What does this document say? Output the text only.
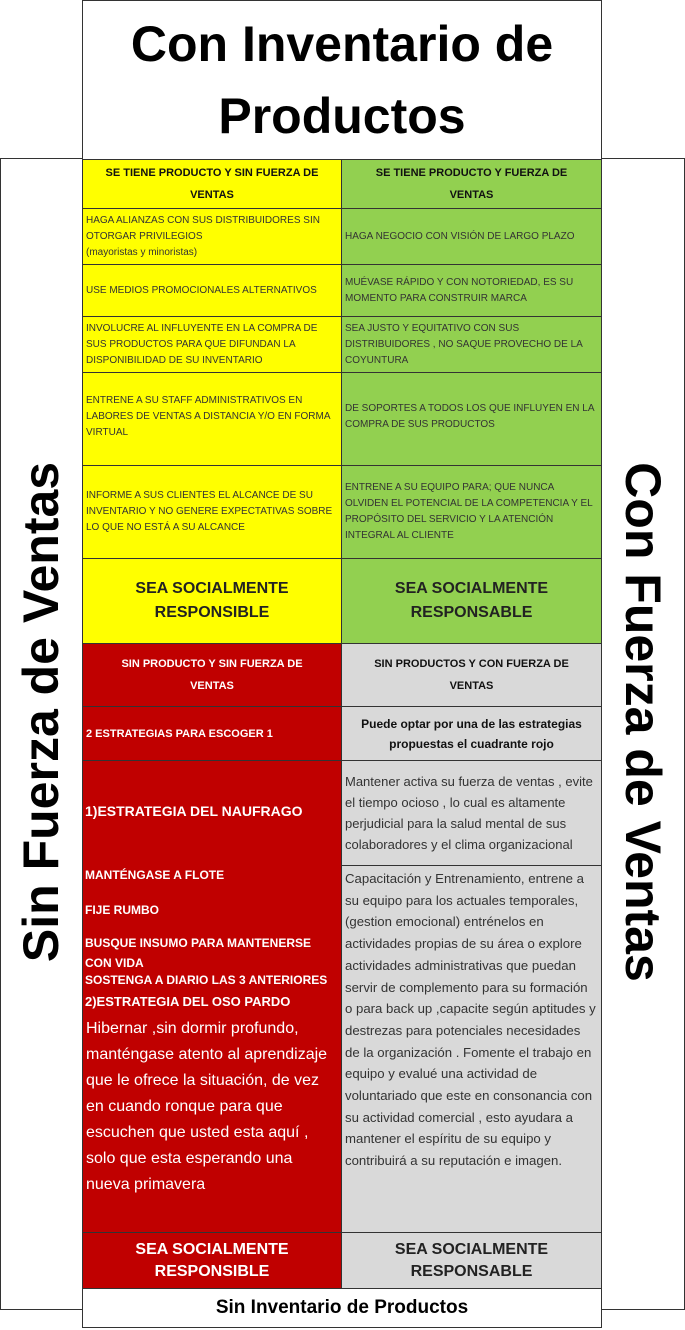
Con Inventario de Productos
Sin Fuerza de Ventas	Con Fuerza de Ventas
SE TIENE PRODUCTO Y SIN FUERZA DE VENTAS
HAGA ALIANZAS CON SUS DISTRIBUIDORES SIN OTORGAR PRIVILEGIOS
(mayoristas y minoristas)
USE MEDIOS PROMOCIONALES ALTERNATIVOS
INVOLUCRE AL INFLUYENTE EN LA COMPRA DE SUS PRODUCTOS PARA QUE DIFUNDAN LA DISPONIBILIDAD DE SU INVENTARIO
ENTRENE A SU STAFF ADMINISTRATIVOS EN LABORES DE VENTAS A DISTANCIA Y/O EN FORMA VIRTUAL
INFORME A SUS CLIENTES EL ALCANCE DE SU INVENTARIO Y NO GENERE EXPECTATIVAS SOBRE LO QUE NO ESTÁ A SU ALCANCE
SEA SOCIALMENTE RESPONSIBLE
SE TIENE PRODUCTO Y FUERZA DE VENTAS
HAGA NEGOCIO CON VISIÓN DE LARGO PLAZO
MUÉVASE RÁPIDO Y CON NOTORIEDAD, ES SU MOMENTO PARA CONSTRUIR MARCA
SEA JUSTO Y EQUITATIVO CON SUS DISTRIBUIDORES , NO SAQUE PROVECHO DE LA COYUNTURA
DE SOPORTES A TODOS LOS QUE INFLUYEN EN LA COMPRA DE SUS PRODUCTOS
ENTRENE A SU EQUIPO PARA; QUE NUNCA OLVIDEN EL POTENCIAL DE LA COMPETENCIA Y EL PROPÓSITO DEL SERVICIO Y LA ATENCIÓN INTEGRAL AL CLIENTE
SEA SOCIALMENTE RESPONSABLE
SIN PRODUCTO Y SIN FUERZA DE VENTAS
2 ESTRATEGIAS PARA ESCOGER 1
1)ESTRATEGIA DEL NAUFRAGO
MANTÉNGASE A FLOTE
FIJE RUMBO
BUSQUE INSUMO PARA MANTENERSE CON VIDA
SOSTENGA A DIARIO LAS 3 ANTERIORES
2)ESTRATEGIA DEL OSO PARDO
Hibernar ,sin dormir profundo, manténgase atento al aprendizaje que le ofrece la situación, de vez en cuando ronque para que escuchen que usted esta aquí , solo que esta esperando una nueva primavera
SEA SOCIALMENTE RESPONSIBLE
SIN PRODUCTOS Y CON FUERZA DE VENTAS
Puede optar por una de las estrategias propuestas el cuadrante rojo
Mantener activa su fuerza de ventas , evite el tiempo ocioso , lo cual es altamente perjudicial para la salud mental de sus colaboradores y el clima organizacional
Capacitación y Entrenamiento, entrene a su equipo para los actuales temporales,(gestion emocional) entrénelos en actividades propias de su área o explore actividades administrativas que puedan servir de complemento para su formación o para back up ,capacite según aptitudes y destrezas para potenciales necesidades de la organización . Fomente el trabajo en equipo y evalué una actividad de voluntariado que este en consonancia con su actividad comercial , esto ayudara a mantener el espíritu de su equipo y contribuirá a su reputación e imagen.
SEA SOCIALMENTE RESPONSABLE
Sin Inventario de Productos
